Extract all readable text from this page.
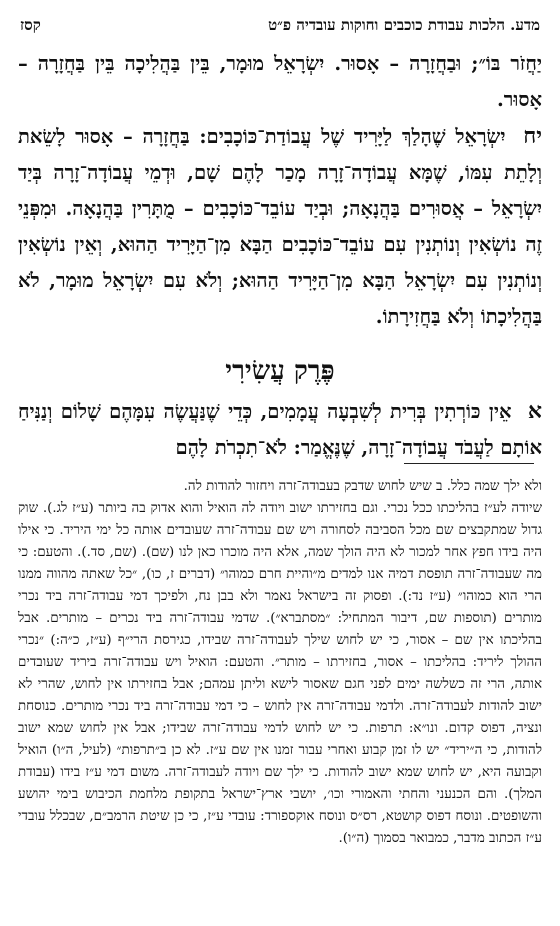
מדע. הלכות עבודת כוכבים וחוקות עובדיה פ״ט
קסז

יַחֲזֹר בּוֹ״; וּבַחֲזָרָה – אָסוּר. יִשְׂרָאֵל מוּמָר, בֵּין בַּהֲלִיכָה בֵּין בַּחֲזָרָה – אָסוּר.

יח יִשְׂרָאֵל שֶׁהָלַךְ לַיָּרִיד שֶׁל עֲבוֹדַת־כּוֹכָבִים: בַּחֲזָרָה – אָסוּר לָשֵׂאת וְלָתֵת עִמּוֹ, שֶׁמָּא עֲבוֹדָה־זָרָה מָכַר לָהֶם שָׁם, וּדְמֵי עֲבוֹדָה־זָרָה בְּיַד יִשְׂרָאֵל – אֲסוּרִים בַּהֲנָאָה; וּבְיַד עוֹבֵד־כּוֹכָבִים – מֻתָּרִין בַּהֲנָאָה. וּמִפְּנֵי זֶה נוֹשְׂאִין וְנוֹתְנִין עִם עוֹבֵד־כּוֹכָבִים הַבָּא מִן־הַיָּרִיד הַהוּא, וְאֵין נוֹשְׂאִין וְנוֹתְנִין עִם יִשְׂרָאֵל הַבָּא מִן־הַיָּרִיד הַהוּא; וְלֹא עִם יִשְׂרָאֵל מוּמָר, לֹא בַּהֲלִיכָתוֹ וְלֹא בַּחֲזִירָתוֹ.

פֶּרֶק עֲשִׂירִי

א אֵין כּוֹרְתִין בְּרִית לְשִׁבְעָה עֲמָמִים, כְּדֵי שֶׁנַּעֲשֶׂה עִמָּהֶם שָׁלוֹם וְנַנִּיחַ אוֹתָם לַעֲבֹד עֲבוֹדָה־זָרָה, שֶׁנֶּאֱמַר: לֹא־תִכְרֹת לָהֶם

ולא ילך שמה כלל. ב שיש לחוש שדבק בעבודה־זרה ויחזור להודות לה.

שיודה לע״ז בהליכתו ככל נכרי. וגם בחזירתו ישוב ויודה לה הואיל והוא אדוק בה ביותר (ע״ז לג.). שוק גדול שמתקבצים שם מכל הסביבה לסחורה ויש שם עבודה־זרה שעובדים אותה כל ימי היריד. כי אילו היה בידו חפץ אחר למכור לא היה הולך שמה, אלא היה מוכרו כאן לנו (שם). (שם, סד.). והטעם: כי מה שעבודה־זרה תופסת דמיה אנו למדים מ״והיית חרם כמוהו״ (דברים ז, כו), ״כל שאתה מהווה ממנו הרי הוא כמוהו״ (ע״ז נד:). ופסוק זה בישראל נאמר ולא בבן נח, ולפיכך דמי עבודה־זרה ביד נכרי מותרים (תוספות שם, דיבור המתחיל: ״מסתברא״). שדמי עבודה־זרה ביד נכרים – מותרים. אבל בהליכתו אין שם – אסור, כי יש לחוש שילך לעבודה־זרה שבידו, כגירסת הרי״ף (ע״ז, כ״ה:) ״נכרי ההולך ליריד: בהליכתו – אסור, בחזירתו – מותר״. והטעם: הואיל ויש עבודה־זרה ביריד שעובדים אותה, הרי זה כשלשה ימים לפני חגם שאסור לישא וליתן עמהם; אבל בחזירתו אין לחוש, שהרי לא ישוב להודות לעבודה־זרה. ולדמי עבודה־זרה אין לחוש – כי דמי עבודה־זרה ביד נכרי מותרים. כנוסחת ונציה, דפוס קדום. ונו״א: תרפות. כי יש לחוש לדמי עבודה־זרה שבידו; אבל אין לחוש שמא ישוב להודות, כי ה״יריד״ יש לו זמן קבוע ואחרי עבור זמנו אין שם ע״ז. לא כן ב״תרפות״ (לעיל, ה״ו) הואיל וקבועה היא, יש לחוש שמא ישוב להודות. כי ילך שם ויודה לעבודה־זרה. משום דמי ע״ז בידו (עבודת המלך). והם הכנעני והחתי והאמורי וכו׳, יושבי ארץ־ישראל בתקופת מלחמת הכיבוש בימי יהושע והשופטים. ונוסח דפוס קושטא, רס״ס ונוסח אוקספורד: עובדי ע״ז, כי כן שיטת הרמב״ם, שבכלל עובדי ע״ז הכתוב מדבר, כמבואר בסמוך (ה״ו).
